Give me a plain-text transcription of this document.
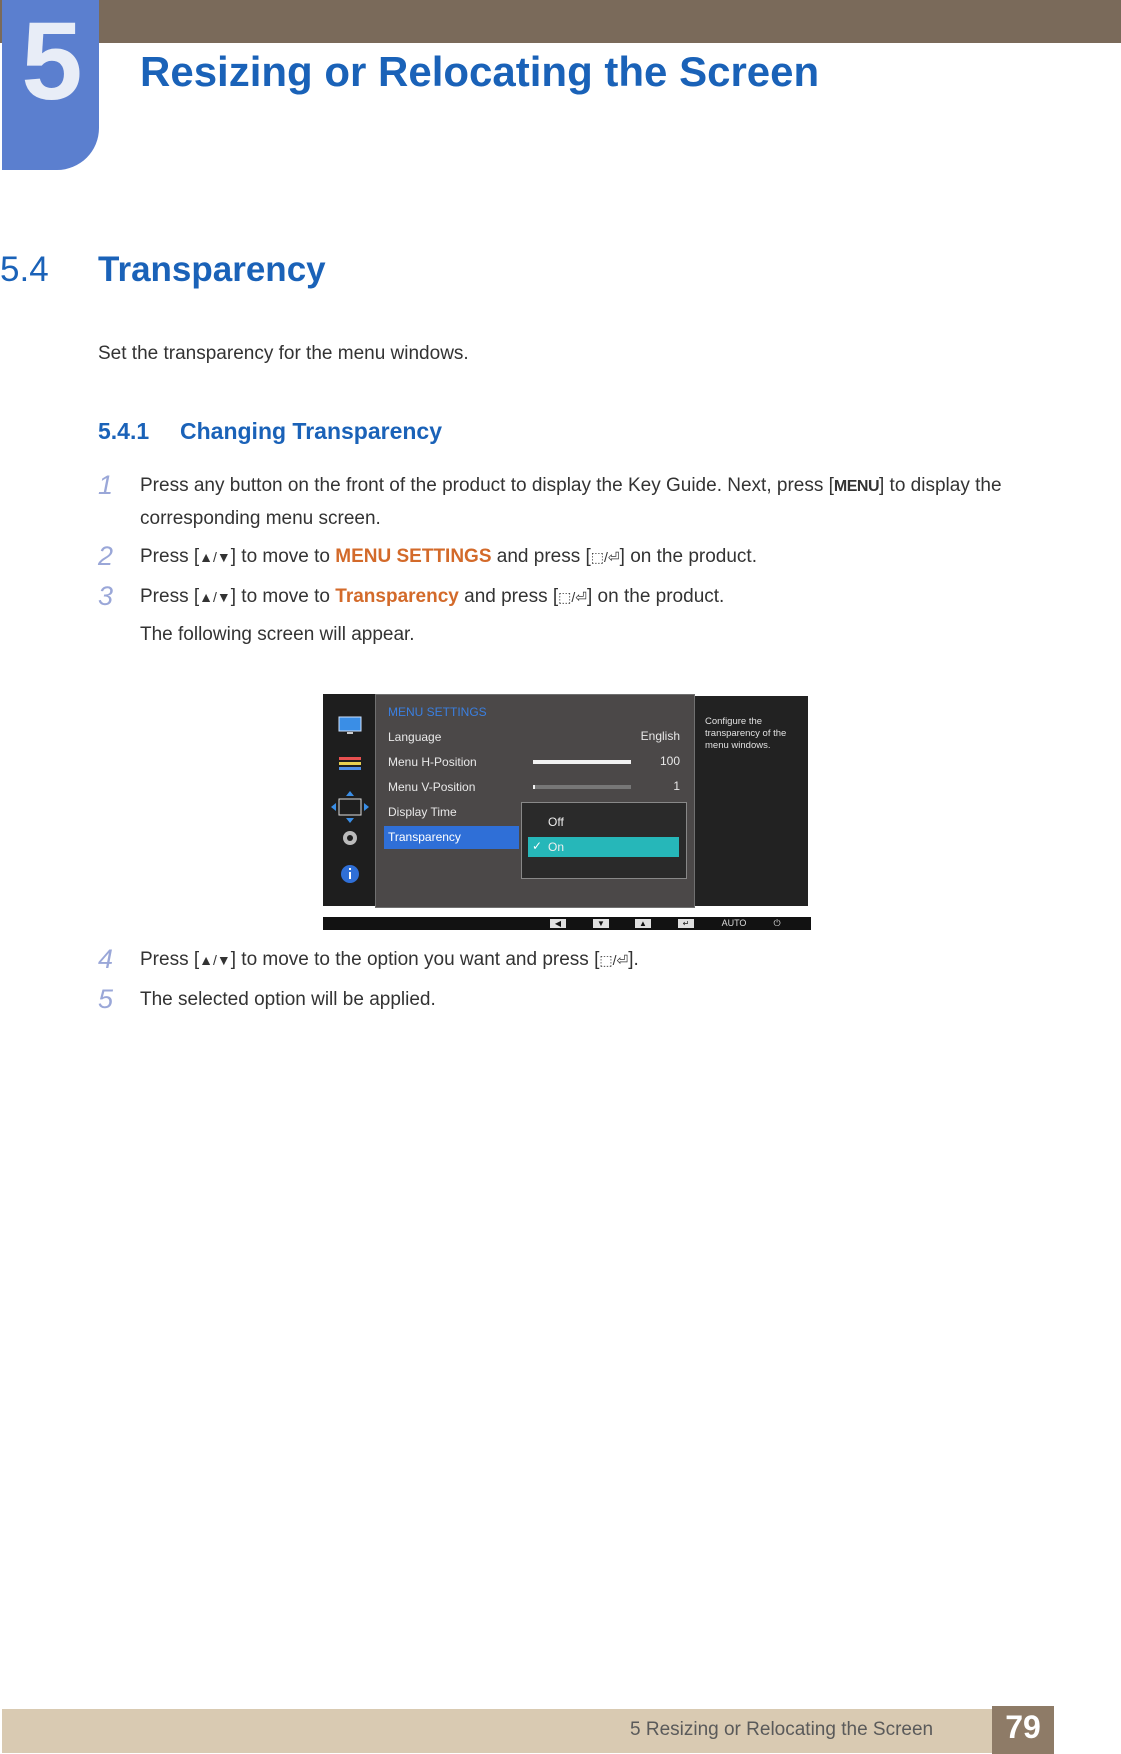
5 Resizing or Relocating the Screen
5.4 Transparency
Set the transparency for the menu windows.
5.4.1 Changing Transparency
1 Press any button on the front of the product to display the Key Guide. Next, press [MENU] to display the corresponding menu screen.
2 Press [▲/▼] to move to MENU SETTINGS and press [⬚/⏎] on the product.
3 Press [▲/▼] to move to Transparency and press [⬚/⏎] on the product.
The following screen will appear.
MENU SETTINGS
Language	English
Menu H-Position	100
Menu V-Position	1
Display Time
Transparency
Off
✓ On
Configure the transparency of the menu windows.
◀	▼	▲	↵	AUTO	⏻
4 Press [▲/▼] to move to the option you want and press [⬚/⏎].
5 The selected option will be applied.
5 Resizing or Relocating the Screen	79
